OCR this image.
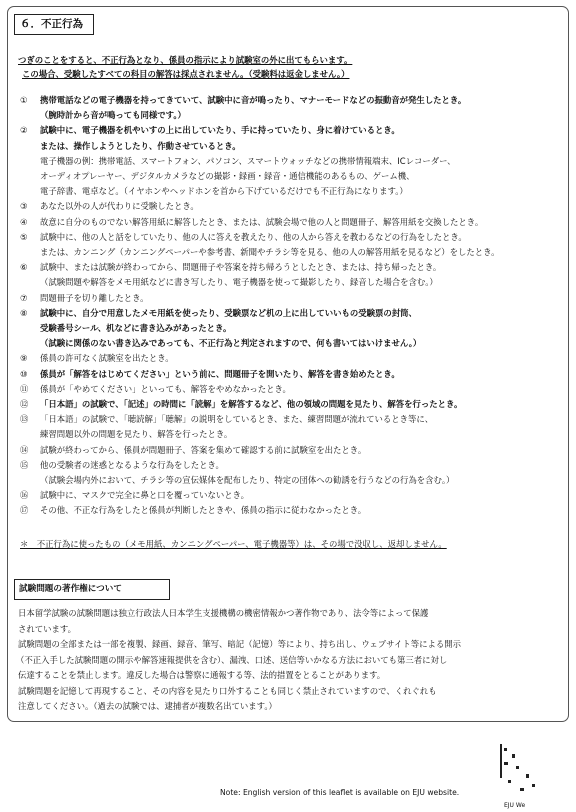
６．不正行為
つぎのことをすると、不正行為となり、係員の指示により試験室の外に出てもらいます。
この場合、受験したすべての科目の解答は採点されません。（受験料は返金しません。）
① 携帯電話などの電子機器を持ってきていて、試験中に音が鳴ったり、マナーモードなどの振動音が発生したとき。
（腕時計から音が鳴っても同様です。）
② 試験中に、電子機器を机やいすの上に出していたり、手に持っていたり、身に着けているとき。
または、操作しようとしたり、作動させているとき。
電子機器の例：携帯電話、スマートフォン、パソコン、スマートウォッチなどの携帯情報端末、ICレコーダー、
オーディオプレーヤー、デジタルカメラなどの撮影・録画・録音・通信機能のあるもの、ゲーム機、
電子辞書、電卓など。（イヤホンやヘッドホンを首から下げているだけでも不正行為になります。）
③ あなた以外の人が代わりに受験したとき。
④ 故意に自分のものでない解答用紙に解答したとき、または、試験会場で他の人と問題冊子、解答用紙を交換したとき。
⑤ 試験中に、他の人と話をしていたり、他の人に答えを教えたり、他の人から答えを教わるなどの行為をしたとき。
または、カンニング（カンニングペーパーや参考書、新聞やチラシ等を見る、他の人の解答用紙を見るなど）をしたとき。
⑥ 試験中、または試験が終わってから、問題冊子や答案を持ち帰ろうとしたとき、または、持ち帰ったとき。
（試験問題や解答をメモ用紙などに書き写したり、電子機器を使って撮影したり、録音した場合を含む。）
⑦ 問題冊子を切り離したとき。
⑧ 試験中に、自分で用意したメモ用紙を使ったり、受験票など机の上に出していいもの受験票の封筒、
受験番号シール、机などに書き込みがあったとき。
（試験に関係のない書き込みであっても、不正行為と判定されますので、何も書いてはいけません。）
⑨ 係員の許可なく試験室を出たとき。
⑩ 係員が「解答をはじめてください」という前に、問題冊子を開いたり、解答を書き始めたとき。
⑪ 係員が「やめてください」といっても、解答をやめなかったとき。
⑫ 「日本語」の試験で、「記述」の時間に「読解」を解答するなど、他の領域の問題を見たり、解答を行ったとき。
⑬ 「日本語」の試験で、「聴読解」「聴解」の説明をしているとき、また、練習問題が流れているとき等に、
練習問題以外の問題を見たり、解答を行ったとき。
⑭ 試験が終わってから、係員が問題冊子、答案を集めて確認する前に試験室を出たとき。
⑮ 他の受験者の迷惑となるような行為をしたとき。
（試験会場内外において、チラシ等の宣伝媒体を配布したり、特定の団体への勧誘を行うなどの行為を含む。）
⑯ 試験中に、マスクで完全に鼻と口を覆っていないとき。
⑰ その他、不正な行為をしたと係員が判断したときや、係員の指示に従わなかったとき。
＊　不正行為に使ったもの（メモ用紙、カンニングペーパー、電子機器等）は、その場で没収し、返却しません。
試験問題の著作権について
日本留学試験の試験問題は独立行政法人日本学生支援機構の機密情報かつ著作物であり、法令等によって保護
されています。
試験問題の全部または一部を複製、録画、録音、筆写、暗記（記憶）等により、持ち出し、ウェブサイト等による開示
（不正入手した試験問題の開示や解答速報提供を含む）、漏洩、口述、送信等いかなる方法においても第三者に対し
伝達することを禁止します。違反した場合は警察に通報する等、法的措置をとることがあります。
試験問題を記憶して再現すること、その内容を見たり口外することも同じく禁止されていますので、くれぐれも
注意してください。（過去の試験では、逮捕者が複数名出ています。）
Note: English version of this leaflet is available on EJU website.
EJU We
